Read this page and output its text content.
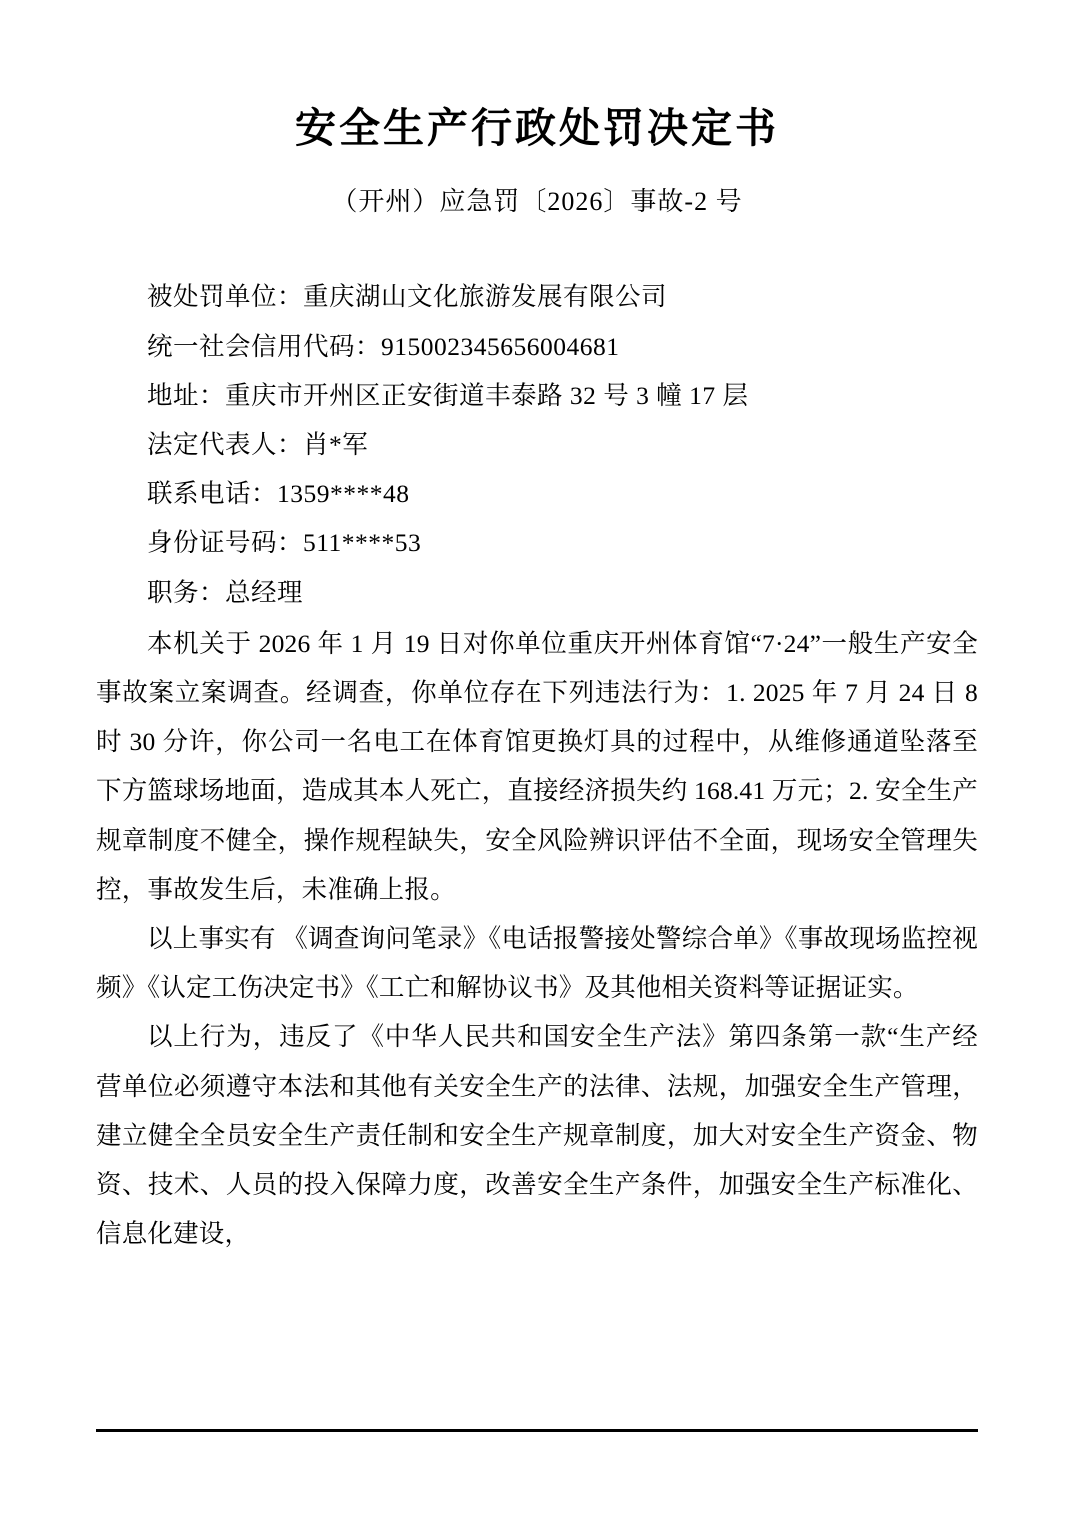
安全生产行政处罚决定书
（开州）应急罚〔2026〕事故-2 号
被处罚单位：重庆湖山文化旅游发展有限公司
统一社会信用代码：915002345656004681
地址：重庆市开州区正安街道丰泰路 32 号 3 幢 17 层
法定代表人：肖*军
联系电话：1359****48
身份证号码：511****53
职务：总经理

本机关于 2026 年 1 月 19 日对你单位重庆开州体育馆“7·24”一般生产安全事故案立案调查。经调查，你单位存在下列违法行为：1. 2025 年 7 月 24 日 8 时 30 分许，你公司一名电工在体育馆更换灯具的过程中，从维修通道坠落至下方篮球场地面，造成其本人死亡，直接经济损失约 168.41 万元；2. 安全生产规章制度不健全，操作规程缺失，安全风险辨识评估不全面，现场安全管理失控，事故发生后，未准确上报。

以上事实有 《调查询问笔录》《电话报警接处警综合单》《事故现场监控视频》《认定工伤决定书》《工亡和解协议书》及其他相关资料等证据证实。

以上行为，违反了《中华人民共和国安全生产法》第四条第一款“生产经营单位必须遵守本法和其他有关安全生产的法律、法规，加强安全生产管理，建立健全全员安全生产责任制和安全生产规章制度，加大对安全生产资金、物资、技术、人员的投入保障力度，改善安全生产条件，加强安全生产标准化、信息化建设，
